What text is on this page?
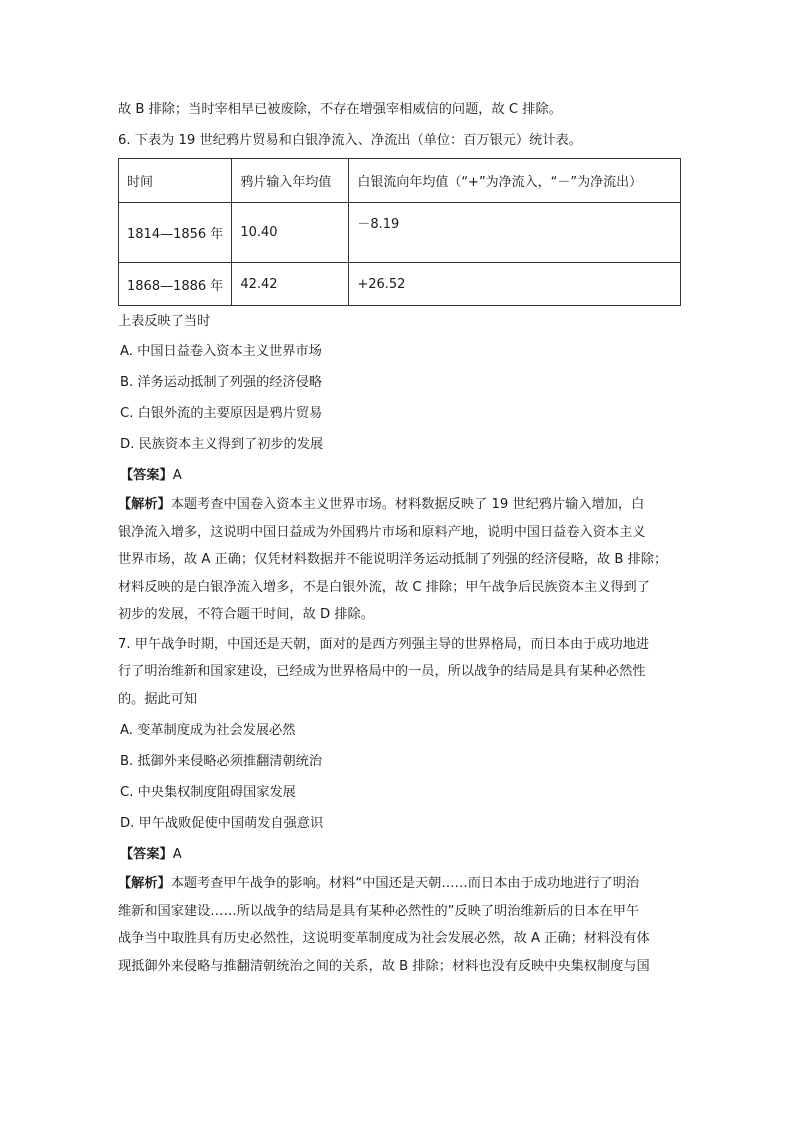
故 B 排除；当时宰相早已被废除，不存在增强宰相威信的问题，故 C 排除。

6. 下表为 19 世纪鸦片贸易和白银净流入、净流出（单位：百万银元）统计表。

时间	鸦片输入年均值	白银流向年均值（“+”为净流入，“－”为净流出）
1814—1856 年	10.40	－8.19
1868—1886 年	42.42	+26.52

上表反映了当时

A. 中国日益卷入资本主义世界市场

B. 洋务运动抵制了列强的经济侵略

C. 白银外流的主要原因是鸦片贸易

D. 民族资本主义得到了初步的发展

【答案】A

【解析】本题考查中国卷入资本主义世界市场。材料数据反映了 19 世纪鸦片输入增加，白

银净流入增多，这说明中国日益成为外国鸦片市场和原料产地，说明中国日益卷入资本主义

世界市场，故 A 正确；仅凭材料数据并不能说明洋务运动抵制了列强的经济侵略，故 B 排除；

材料反映的是白银净流入增多，不是白银外流，故 C 排除；甲午战争后民族资本主义得到了

初步的发展，不符合题干时间，故 D 排除。

7. 甲午战争时期，中国还是天朝，面对的是西方列强主导的世界格局，而日本由于成功地进

行了明治维新和国家建设，已经成为世界格局中的一员，所以战争的结局是具有某种必然性

的。据此可知

A. 变革制度成为社会发展必然

B. 抵御外来侵略必须推翻清朝统治

C. 中央集权制度阻碍国家发展

D. 甲午战败促使中国萌发自强意识

【答案】A

【解析】本题考查甲午战争的影响。材料“中国还是天朝……而日本由于成功地进行了明治

维新和国家建设……所以战争的结局是具有某种必然性的”反映了明治维新后的日本在甲午

战争当中取胜具有历史必然性，这说明变革制度成为社会发展必然，故 A 正确；材料没有体

现抵御外来侵略与推翻清朝统治之间的关系，故 B 排除；材料也没有反映中央集权制度与国
